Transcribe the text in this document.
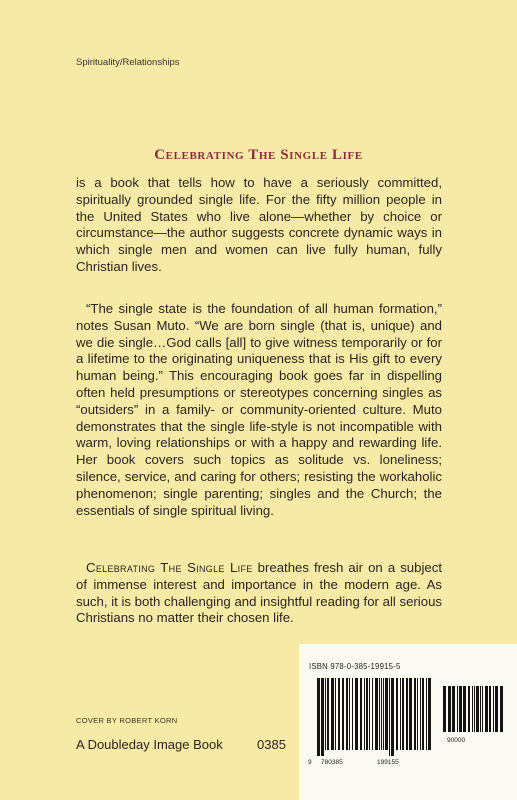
Spirituality/Relationships
Celebrating The Single Life
is a book that tells how to have a seriously committed, spiritually grounded single life. For the fifty million people in the United States who live alone—whether by choice or circumstance—the author suggests concrete dynamic ways in which single men and women can live fully human, fully Christian lives.
“The single state is the foundation of all human formation,” notes Susan Muto. “We are born single (that is, unique) and we die single…God calls [all] to give witness temporarily or for a lifetime to the originating uniqueness that is His gift to every human being.” This encouraging book goes far in dispelling often held presumptions or stereotypes concerning singles as “outsiders” in a family- or community-oriented culture. Muto demonstrates that the single life-style is not incompatible with warm, loving relationships or with a happy and rewarding life. Her book covers such topics as solitude vs. loneliness; silence, service, and caring for others; resisting the workaholic phenomenon; single parenting; singles and the Church; the essentials of single spiritual living.
Celebrating The Single Life breathes fresh air on a subject of immense interest and importance in the modern age. As such, it is both challenging and insightful reading for all serious Christians no matter their chosen life.
COVER BY ROBERT KORN
A Doubleday Image Book	0385
ISBN 978-0-385-19915-5
9 780385	199155
90000
